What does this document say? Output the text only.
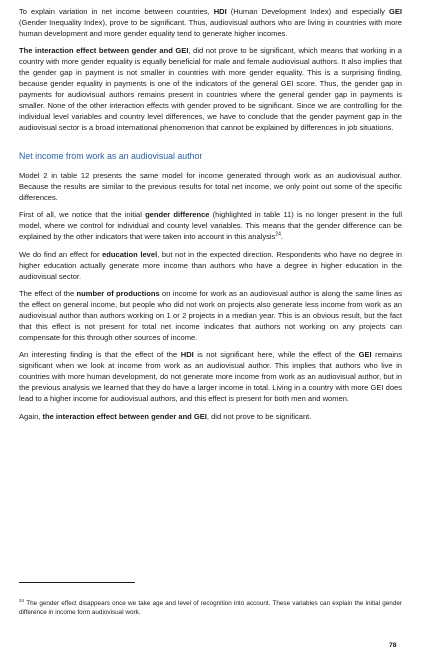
To explain variation in net income between countries, HDI (Human Development Index) and especially GEI (Gender Inequality Index), prove to be significant. Thus, audiovisual authors who are living in countries with more human development and more gender equality tend to generate higher incomes.

The interaction effect between gender and GEI, did not prove to be significant, which means that working in a country with more gender equality is equally beneficial for male and female audiovisual authors. It also implies that the gender gap in payment is not smaller in countries with more gender equality. This is a surprising finding, because gender equality in payments is one of the indicators of the general GEI score. Thus, the gender gap in payments for audiovisual authors remains present in countries where the general gender gap in payments is smaller. None of the other interaction effects with gender proved to be significant. Since we are controlling for the individual level variables and country level differences, we have to conclude that the gender payment gap in the audiovisual sector is a broad international phenomenon that cannot be explained by differences in job situations.

Net income from work as an audiovisual author

Model 2 in table 12 presents the same model for income generated through work as an audiovisual author. Because the results are similar to the previous results for total net income, we only point out some of the specific differences.

First of all, we notice that the initial gender difference (highlighted in table 11) is no longer present in the full model, where we control for individual and county level variables. This means that the gender difference can be explained by the other indicators that were taken into account in this analysis$^{24}$.

We do find an effect for education level, but not in the expected direction. Respondents who have no degree in higher education actually generate more income than authors who have a degree in higher education in the audiovisual sector.

The effect of the number of productions on income for work as an audiovisual author is along the same lines as the effect on general income, but people who did not work on projects also generate less income from work as an audiovisual author than authors working on 1 or 2 projects in a median year. This is an obvious result, but the fact that this effect is not present for total net income indicates that authors not working on any projects can compensate for this through other sources of income.

An interesting finding is that the effect of the HDI is not significant here, while the effect of the GEI remains significant when we look at income from work as an audiovisual author. This implies that authors who live in countries with more human development, do not generate more income from work as an audiovisual author, but in the previous analysis we learned that they do have a larger income in total. Living in a country with more GEI does lead to a higher income for audiovisual authors, and this effect is present for both men and women.

Again, the interaction effect between gender and GEI, did not prove to be significant.

$^{24}$ The gender effect disappears once we take age and level of recognition into account. These variables can explain the initial gender difference in income form audiovisual work.

78
